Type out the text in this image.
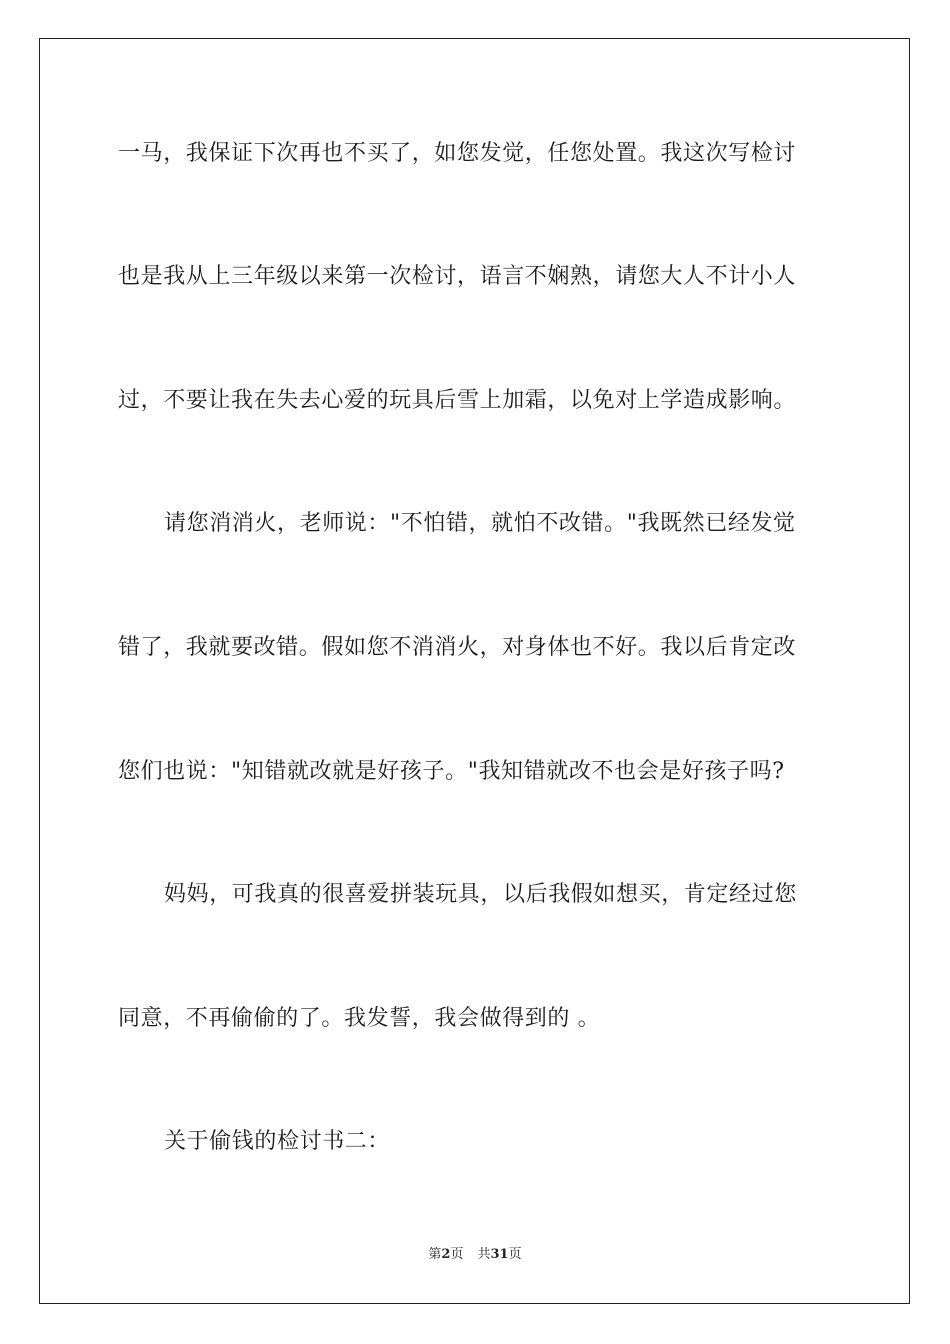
一马，我保证下次再也不买了，如您发觉，任您处置。我这次写检讨
也是我从上三年级以来第一次检讨，语言不娴熟，请您大人不计小人
过，不要让我在失去心爱的玩具后雪上加霜，以免对上学造成影响。
请您消消火，老师说："不怕错，就怕不改错。"我既然已经发觉
错了，我就要改错。假如您不消消火，对身体也不好。我以后肯定改
您们也说："知错就改就是好孩子。"我知错就改不也会是好孩子吗?
妈妈，可我真的很喜爱拼装玩具，以后我假如想买，肯定经过您
同意，不再偷偷的了。我发誓，我会做得到的 。
关于偷钱的检讨书二：
第2页 共31页
